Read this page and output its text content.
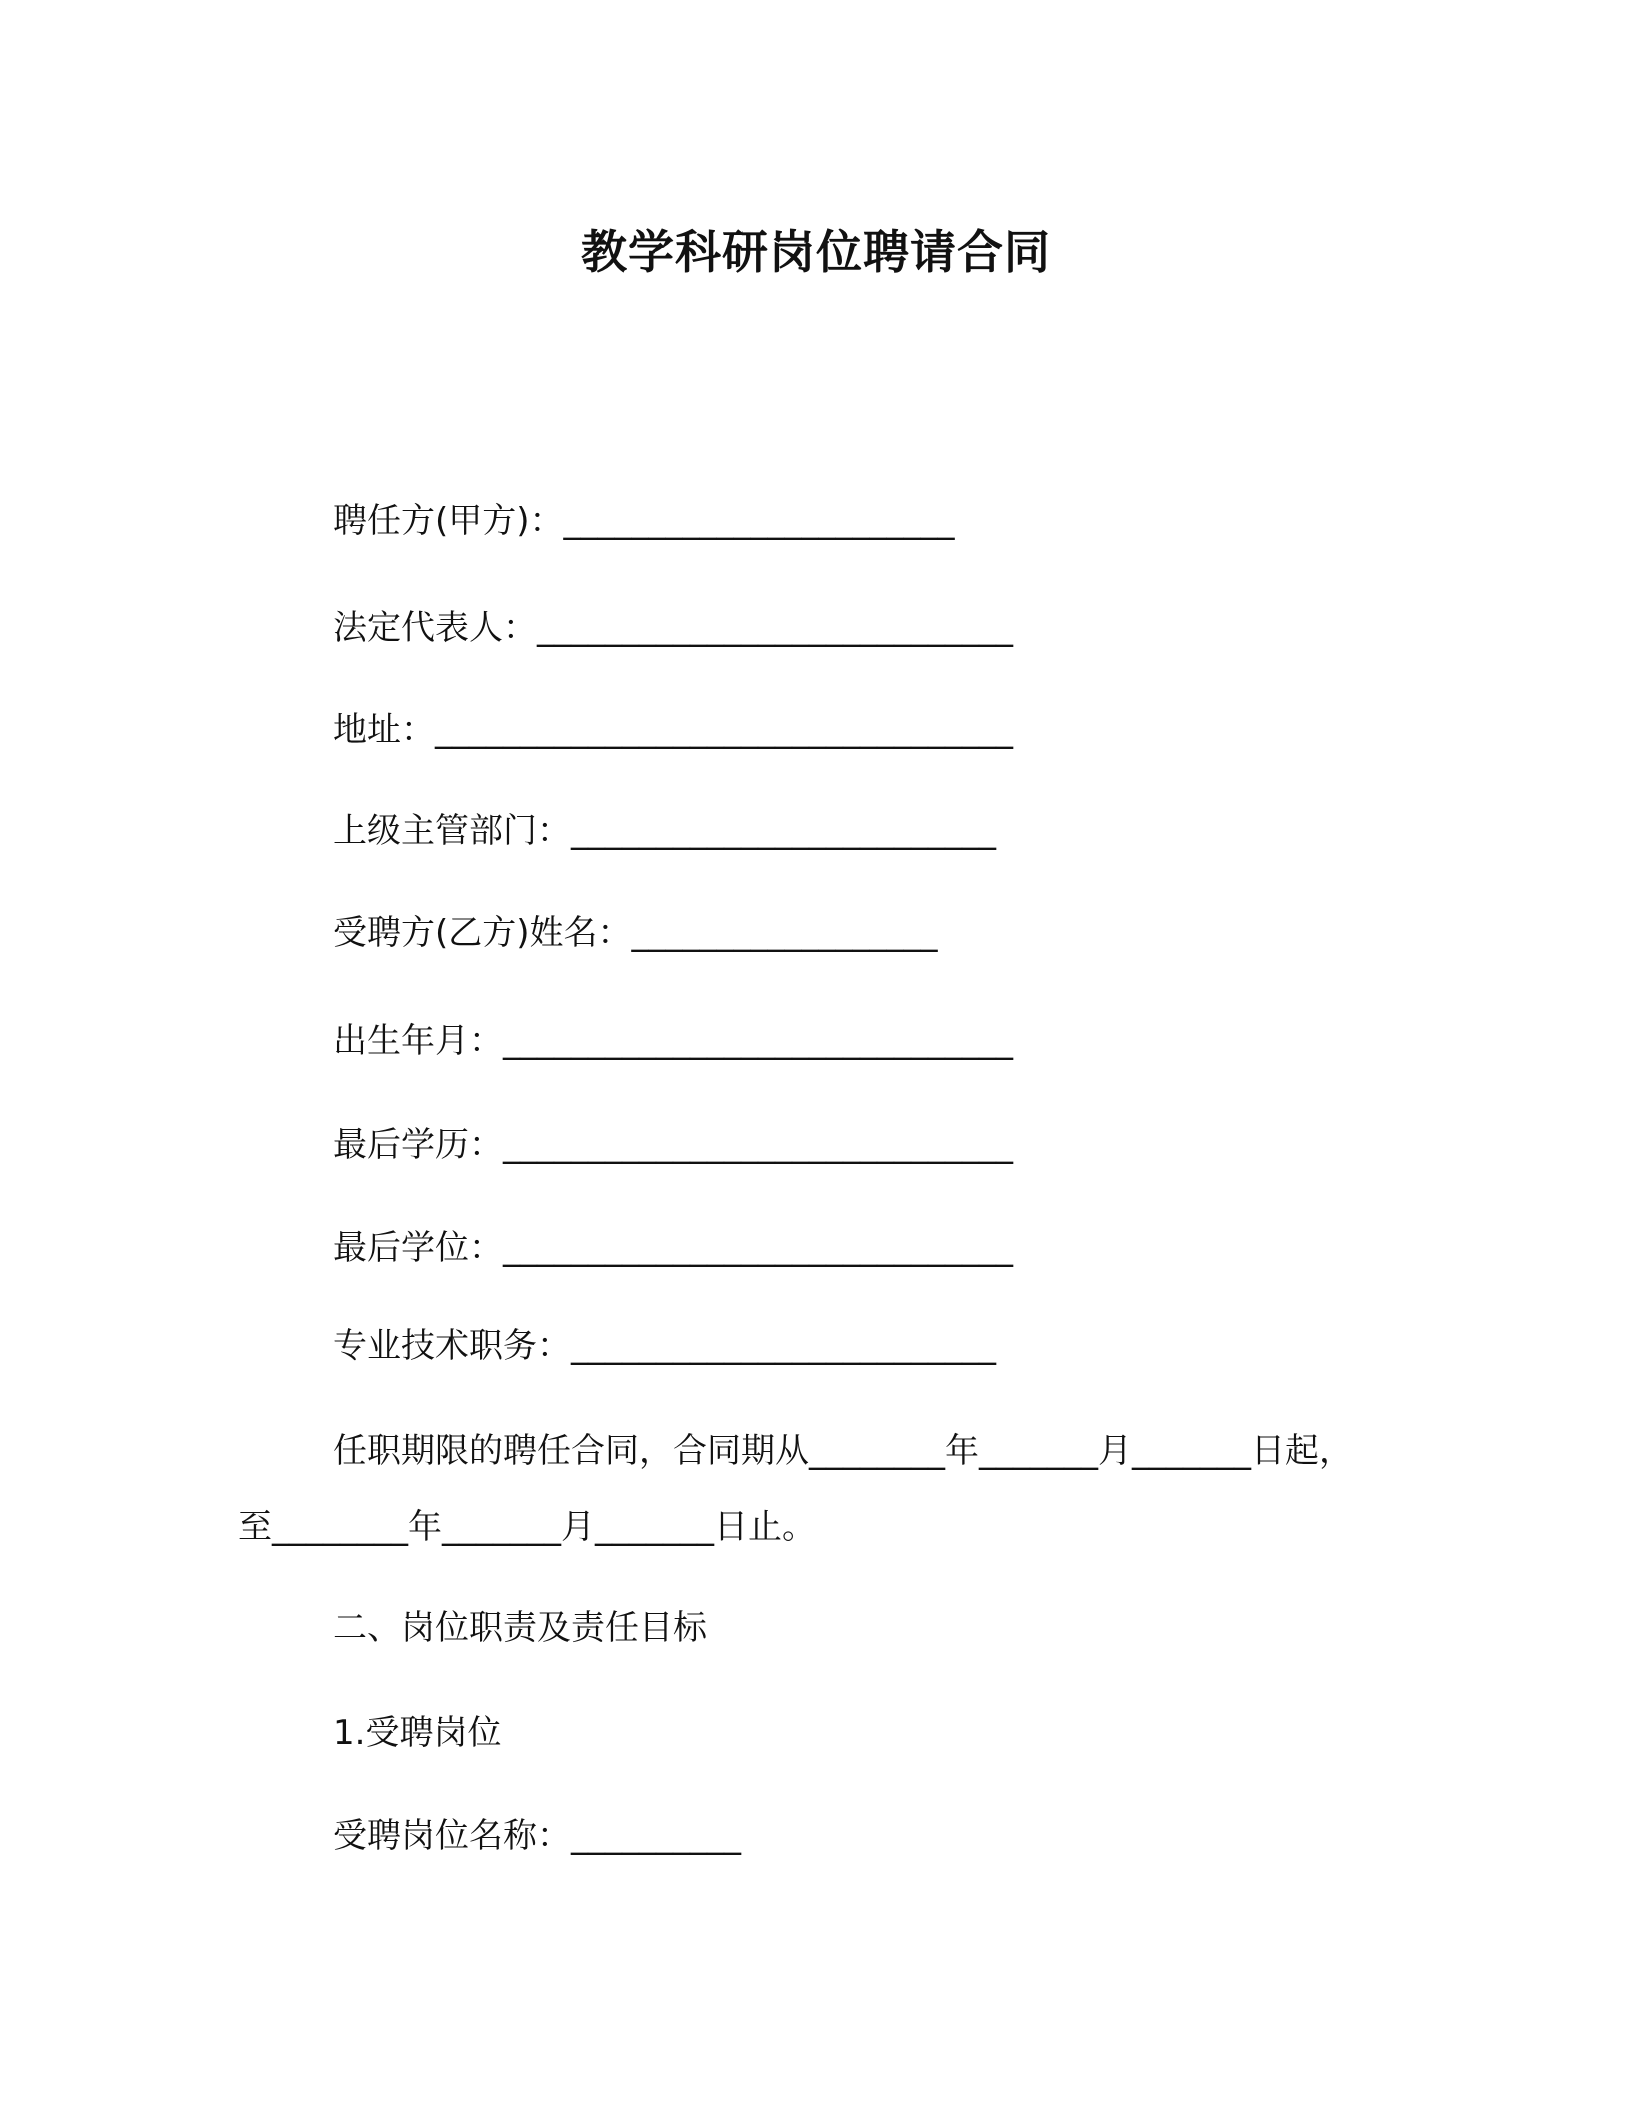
教学科研岗位聘请合同
聘任方(甲方)：_______________________
法定代表人：____________________________
地址：__________________________________
上级主管部门：_________________________
受聘方(乙方)姓名：__________________
出生年月：______________________________
最后学历：______________________________
最后学位：______________________________
专业技术职务：_________________________
任职期限的聘任合同，合同期从________年_______月_______日起，至________年_______月_______日止。
二、岗位职责及责任目标
1.受聘岗位
受聘岗位名称：__________
